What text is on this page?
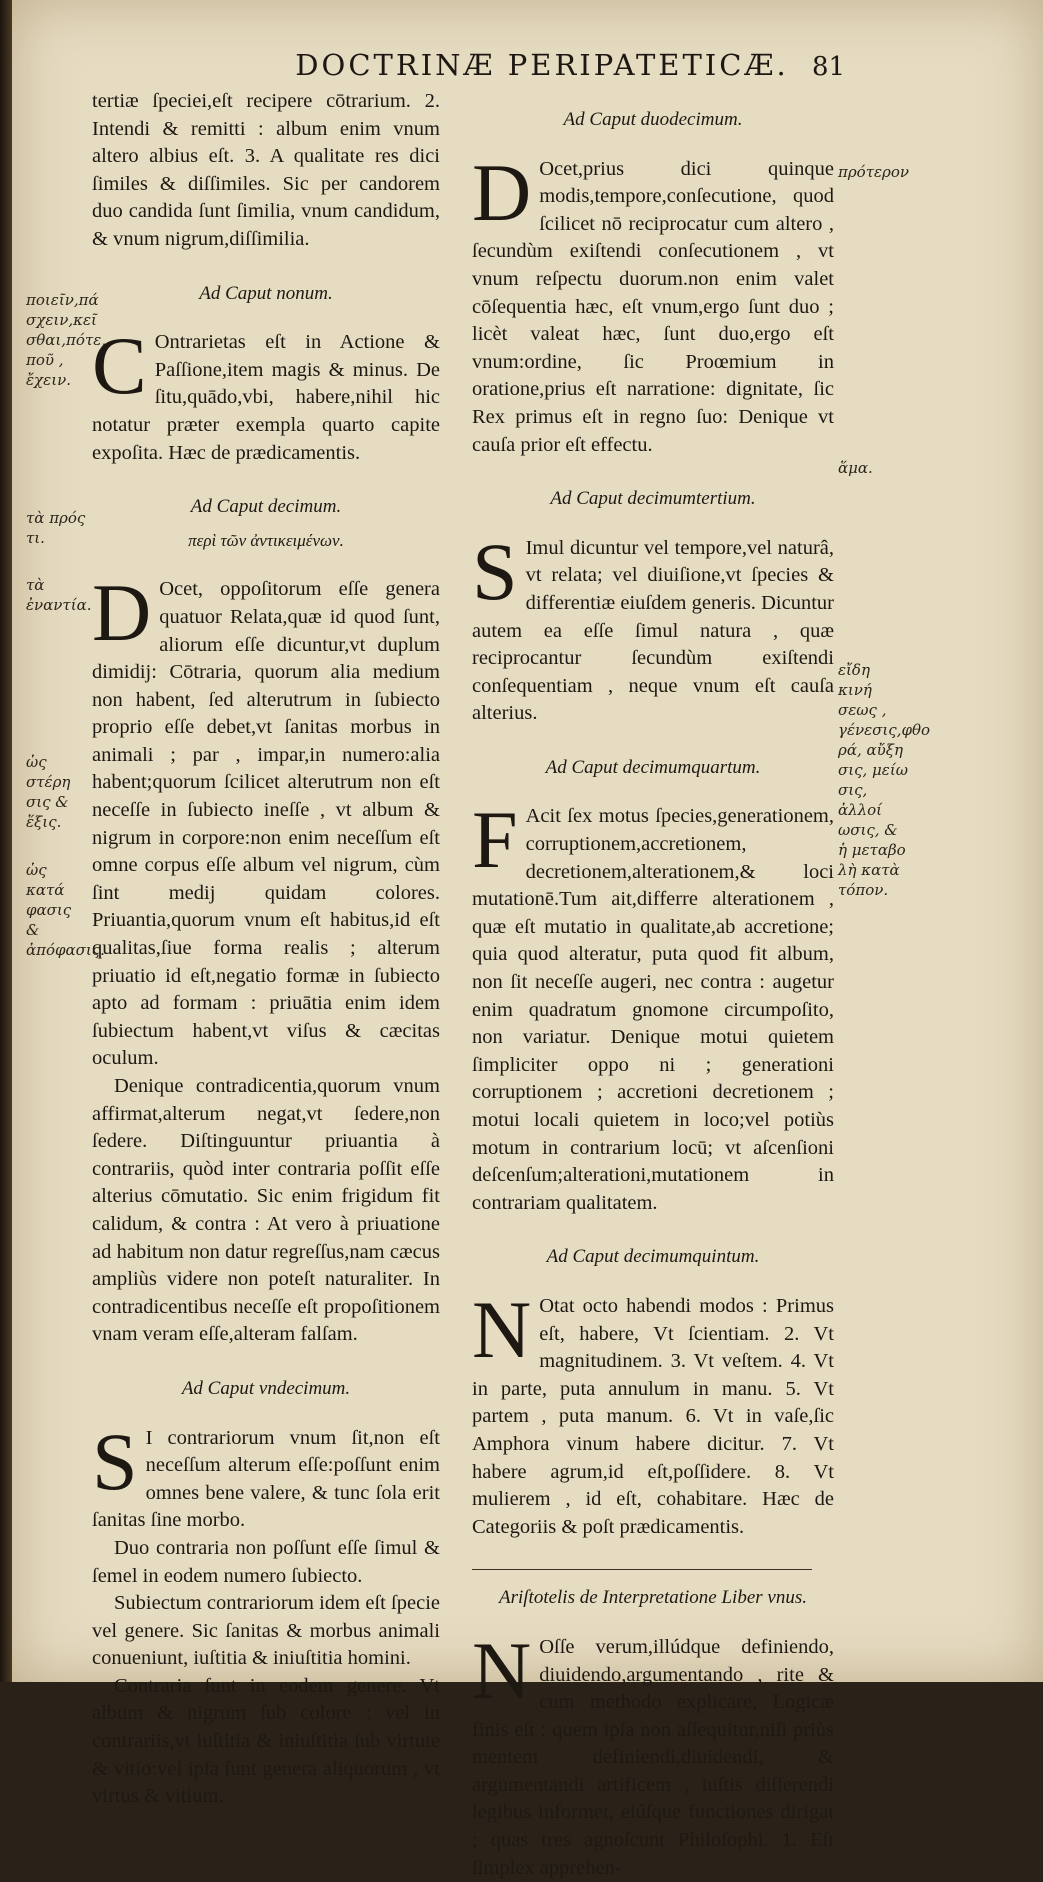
DOCTRINÆ PERIPATETICÆ. 81

tertiæ ſpeciei,eſt recipere cōtrarium. 2. Intendi & remitti : album enim vnum altero albius eſt. 3. A qualitate res dici ſimiles & diſſimiles. Sic per candorem duo candida ſunt ſimilia, vnum candidum, & vnum nigrum,diſſimilia.

Ad Caput nonum.

C Ontrarietas eſt in Actione & Paſſione,item magis & minus. De ſitu,quādo,vbi, habere,nihil hic notatur præter exempla quarto capite expoſita. Hæc de prædicamentis.

Ad Caput decimum.
περὶ τῶν ἀντικειμένων.

D Ocet, oppoſitorum eſſe genera quatuor Relata,quæ id quod ſunt, aliorum eſſe dicuntur,vt duplum dimidij: Cōtraria, quorum alia medium non habent, ſed alterutrum in ſubiecto proprio eſſe debet,vt ſanitas morbus in animali ; par , impar,in numero:alia habent;quorum ſcilicet alterutrum non eſt neceſſe in ſubiecto ineſſe , vt album & nigrum in corpore:non enim neceſſum eſt omne corpus eſſe album vel nigrum, cùm ſint medij quidam colores. Priuantia,quorum vnum eſt habitus,id eſt qualitas,ſiue forma realis ; alterum priuatio id eſt,negatio formæ in ſubiecto apto ad formam : priuātia enim idem ſubiectum habent,vt viſus & cæcitas oculum.

Denique contradicentia,quorum vnum affirmat,alterum negat,vt ſedere,non ſedere. Diſtinguuntur priuantia à contrariis, quòd inter contraria poſſit eſſe alterius cōmutatio. Sic enim frigidum fit calidum, & contra : At vero à priuatione ad habitum non datur regreſſus,nam cæcus ampliùs videre non poteſt naturaliter. In contradicentibus neceſſe eſt propoſitionem vnam veram eſſe,alteram falſam.

Ad Caput vndecimum.

S I contrariorum vnum ſit,non eſt neceſſum alterum eſſe:poſſunt enim omnes bene valere, & tunc ſola erit ſanitas ſine morbo.

Duo contraria non poſſunt eſſe ſimul & ſemel in eodem numero ſubiecto.

Subiectum contrariorum idem eſt ſpecie vel genere. Sic ſanitas & morbus animali conueniunt, iuſtitia & iniuſtitia homini.

Contraria ſunt in eodem genere. Vt album & nigrum ſub colore : vel in contrariis,vt iuſtitia & iniuſtitia ſub virtute & vitio:vel ipſa ſunt genera aliquorum , vt virtus & vitium.

Ad Caput duodecimum.

D Ocet,prius dici quinque modis,tempore,conſecutione, quod ſcilicet nō reciprocatur cum altero , ſecundùm exiſtendi conſecutionem , vt vnum reſpectu duorum.non enim valet cōſequentia hæc, eſt vnum,ergo ſunt duo ; licèt valeat hæc, ſunt duo,ergo eſt vnum:ordine, ſic Proœmium in oratione,prius eſt narratione: dignitate, ſic Rex primus eſt in regno ſuo: Denique vt cauſa prior eſt effectu.

Ad Caput decimumtertium.

S Imul dicuntur vel tempore,vel naturâ, vt relata; vel diuiſione,vt ſpecies & differentiæ eiuſdem generis. Dicuntur autem ea eſſe ſimul natura , quæ reciprocantur ſecundùm exiſtendi conſequentiam , neque vnum eſt cauſa alterius.

Ad Caput decimumquartum.

F Acit ſex motus ſpecies,generationem, corruptionem,accretionem, decretionem,alterationem,& loci mutationē.Tum ait,differre alterationem , quæ eſt mutatio in qualitate,ab accretione; quia quod alteratur, puta quod fit album, non ſit neceſſe augeri, nec contra : augetur enim quadratum gnomone circumpoſito, non variatur. Denique motui quietem ſimpliciter oppo ni ; generationi corruptionem ; accretioni decretionem ; motui locali quietem in loco;vel potiùs motum in contrarium locū; vt aſcenſioni deſcenſum;alterationi,mutationem in contrariam qualitatem.

Ad Caput decimumquintum.

N Otat octo habendi modos : Primus eſt, habere, Vt ſcientiam. 2. Vt magnitudinem. 3. Vt veſtem. 4. Vt in parte, puta annulum in manu. 5. Vt partem , puta manum. 6. Vt in vaſe,ſic Amphora vinum habere dicitur. 7. Vt habere agrum,id eſt,poſſidere. 8. Vt mulierem , id eſt, cohabitare. Hæc de Categoriis & poſt prædicamentis.

Ariſtotelis de Interpretatione Liber vnus.

N Oſſe verum,illúdque definiendo, diuidendo,argumentando , rite & cum methodo explicare, Logicæ finis eſt : quem ipſa non aſſequitur,niſi priùs mentem definiendi,diuidendi, & argumentandi artificem , iuſtis diſſerendi legibus informet, eiúſque functiones dirigat ; quas tres agnoſcunt Philoſophi. 1. Eſt ſimplex apprehen-

ποιεῖν,πά σχειν,κεῖ σθαι,πότε, ποῦ , ἔχειν.
τὰ πρός τι.
τὰ ἐναντία.
ὡς στέρη σις & ἕξις.
ὡς κατά φασις & ἀπόφασις.
πρότερον
ἅμα.
εἴδη κινή σεως , γένεσις,φθο ρά, αὔξη σις, μείω σις, ἀλλοί ωσις, & ἡ μεταβο λὴ κατὰ τόπον.
